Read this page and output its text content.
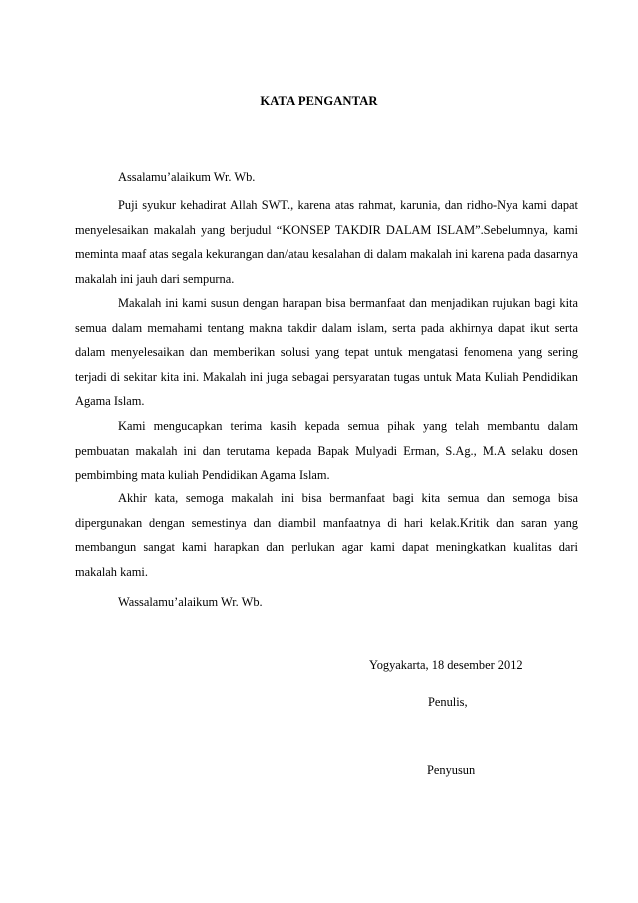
KATA PENGANTAR
Assalamu’alaikum Wr. Wb.

Puji syukur kehadirat Allah SWT., karena atas rahmat, karunia, dan ridho-Nya kami dapat menyelesaikan makalah yang berjudul “KONSEP TAKDIR DALAM ISLAM”.Sebelumnya, kami meminta maaf atas segala kekurangan dan/atau kesalahan di dalam makalah ini karena pada dasarnya makalah ini jauh dari sempurna.

Makalah ini kami susun dengan harapan bisa bermanfaat dan menjadikan rujukan bagi kita semua dalam memahami tentang makna takdir dalam islam, serta pada akhirnya dapat ikut serta dalam menyelesaikan dan memberikan solusi yang tepat untuk mengatasi fenomena yang sering terjadi di sekitar kita ini. Makalah ini juga sebagai persyaratan tugas untuk Mata Kuliah Pendidikan Agama Islam.

Kami mengucapkan terima kasih kepada semua pihak yang telah membantu dalam pembuatan makalah ini dan terutama kepada Bapak Mulyadi Erman, S.Ag., M.A selaku dosen pembimbing mata kuliah Pendidikan Agama Islam.

Akhir kata, semoga makalah ini bisa bermanfaat bagi kita semua dan semoga bisa dipergunakan dengan semestinya dan diambil manfaatnya di hari kelak.Kritik dan saran yang membangun sangat kami harapkan dan perlukan agar kami dapat meningkatkan kualitas dari makalah kami.

Wassalamu’alaikum Wr. Wb.
Yogyakarta, 18 desember 2012
Penulis,
Penyusun
